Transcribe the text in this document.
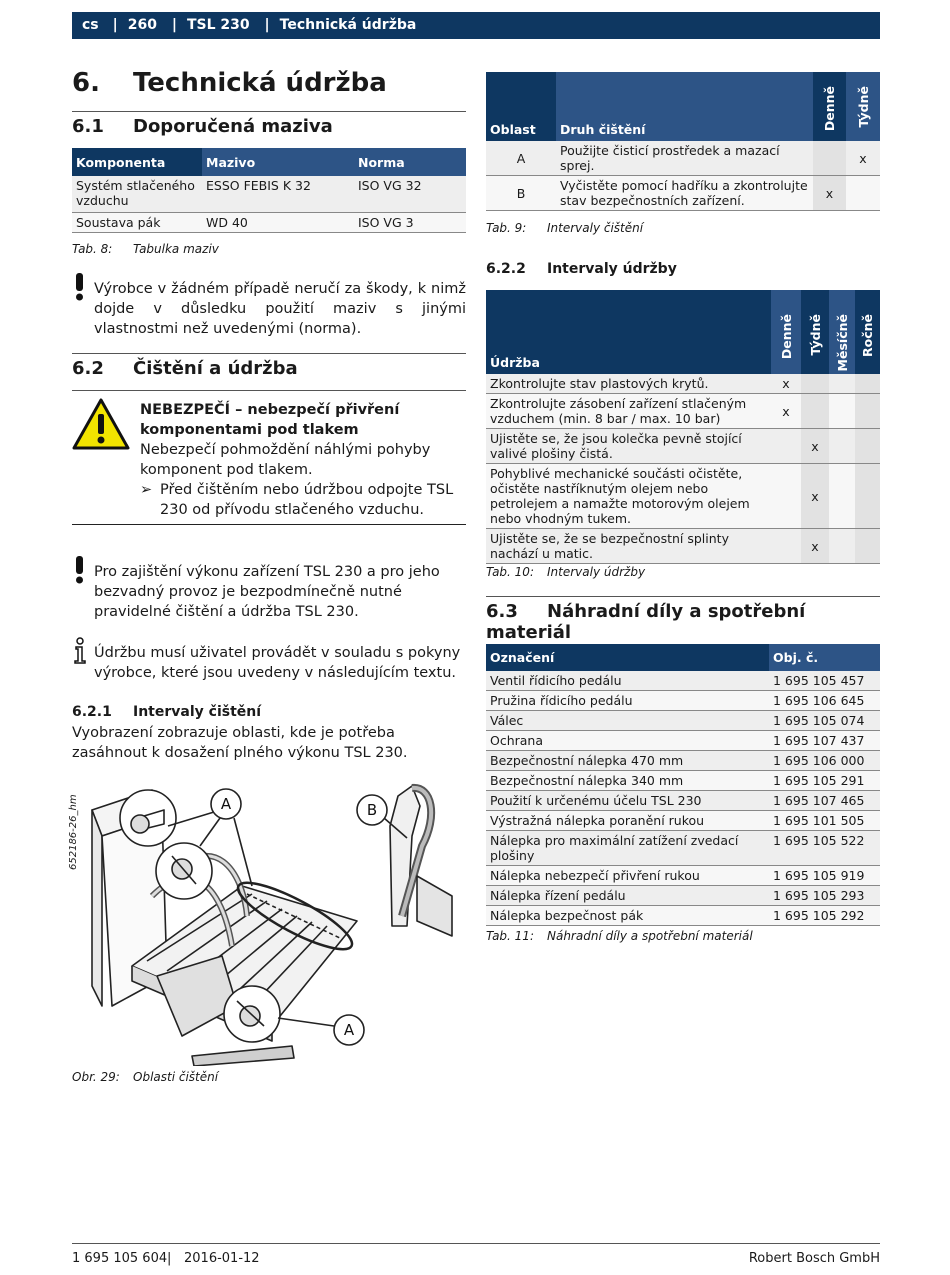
cs | 260 | TSL 230 | Technická údržba
6. Technická údržba
6.1 Doporučená maziva
Komponenta	Mazivo	Norma
Systém stlačeného vzduchu	ESSO FEBIS K 32	ISO VG 32
Soustava pák	WD 40	ISO VG 3
Tab. 8: Tabulka maziv
Výrobce v žádném případě neručí za škody, k nimž dojde v důsledku použití maziv s jinými vlastnostmi než uvedenými (norma).
6.2 Čištění a údržba
NEBEZPEČÍ – nebezpečí přivření komponentami pod tlakem
Nebezpečí pohmoždění náhlými pohyby komponent pod tlakem.
➢ Před čištěním nebo údržbou odpojte TSL 230 od přívodu stlačeného vzduchu.
Pro zajištění výkonu zařízení TSL 230 a pro jeho bezvadný provoz je bezpodmínečně nutné pravidelné čištění a údržba TSL 230.
Údržbu musí uživatel provádět v souladu s pokyny výrobce, které jsou uvedeny v následujícím textu.
6.2.1 Intervaly čištění
Vyobrazení zobrazuje oblasti, kde je potřeba zasáhnout k dosažení plného výkonu TSL 230.
652186-26_hm	A
A
B
Obr. 29: Oblasti čištění
Oblast	Druh čištění	Denně	Týdně
A	Použijte čisticí prostředek a mazací sprej.		x
B	Vyčistěte pomocí hadříku a zkontrolujte stav bezpečnostních zařízení.	x	
Tab. 9: Intervaly čištění
6.2.2 Intervaly údržby
Údržba	Denně	Týdně	Měsíčně	Ročně
Zkontrolujte stav plastových krytů.	x			
Zkontrolujte zásobení zařízení stlačeným vzduchem (min. 8 bar / max. 10 bar)	x			
Ujistěte se, že jsou kolečka pevně stojící valivé plošiny čistá.		x		
Pohyblivé mechanické součásti očistěte, očistěte nastříknutým olejem nebo petrolejem a namažte motorovým olejem nebo vhodným tukem.		x		
Ujistěte se, že se bezpečnostní splinty nachází u matic.		x		
Tab. 10: Intervaly údržby
6.3 Náhradní díly a spotřební materiál
Označení	Obj. č.
Ventil řídicího pedálu	1 695 105 457
Pružina řídicího pedálu	1 695 106 645
Válec	1 695 105 074
Ochrana	1 695 107 437
Bezpečnostní nálepka 470 mm	1 695 106 000
Bezpečnostní nálepka 340 mm	1 695 105 291
Použití k určenému účelu TSL 230	1 695 107 465
Výstražná nálepka poranění rukou	1 695 101 505
Nálepka pro maximální zatížení zvedací plošiny	1 695 105 522
Nálepka nebezpečí přivření rukou	1 695 105 919
Nálepka řízení pedálu	1 695 105 293
Nálepka bezpečnost pák	1 695 105 292
Tab. 11: Náhradní díly a spotřební materiál
1 695 105 604 | 2016-01-12	Robert Bosch GmbH
